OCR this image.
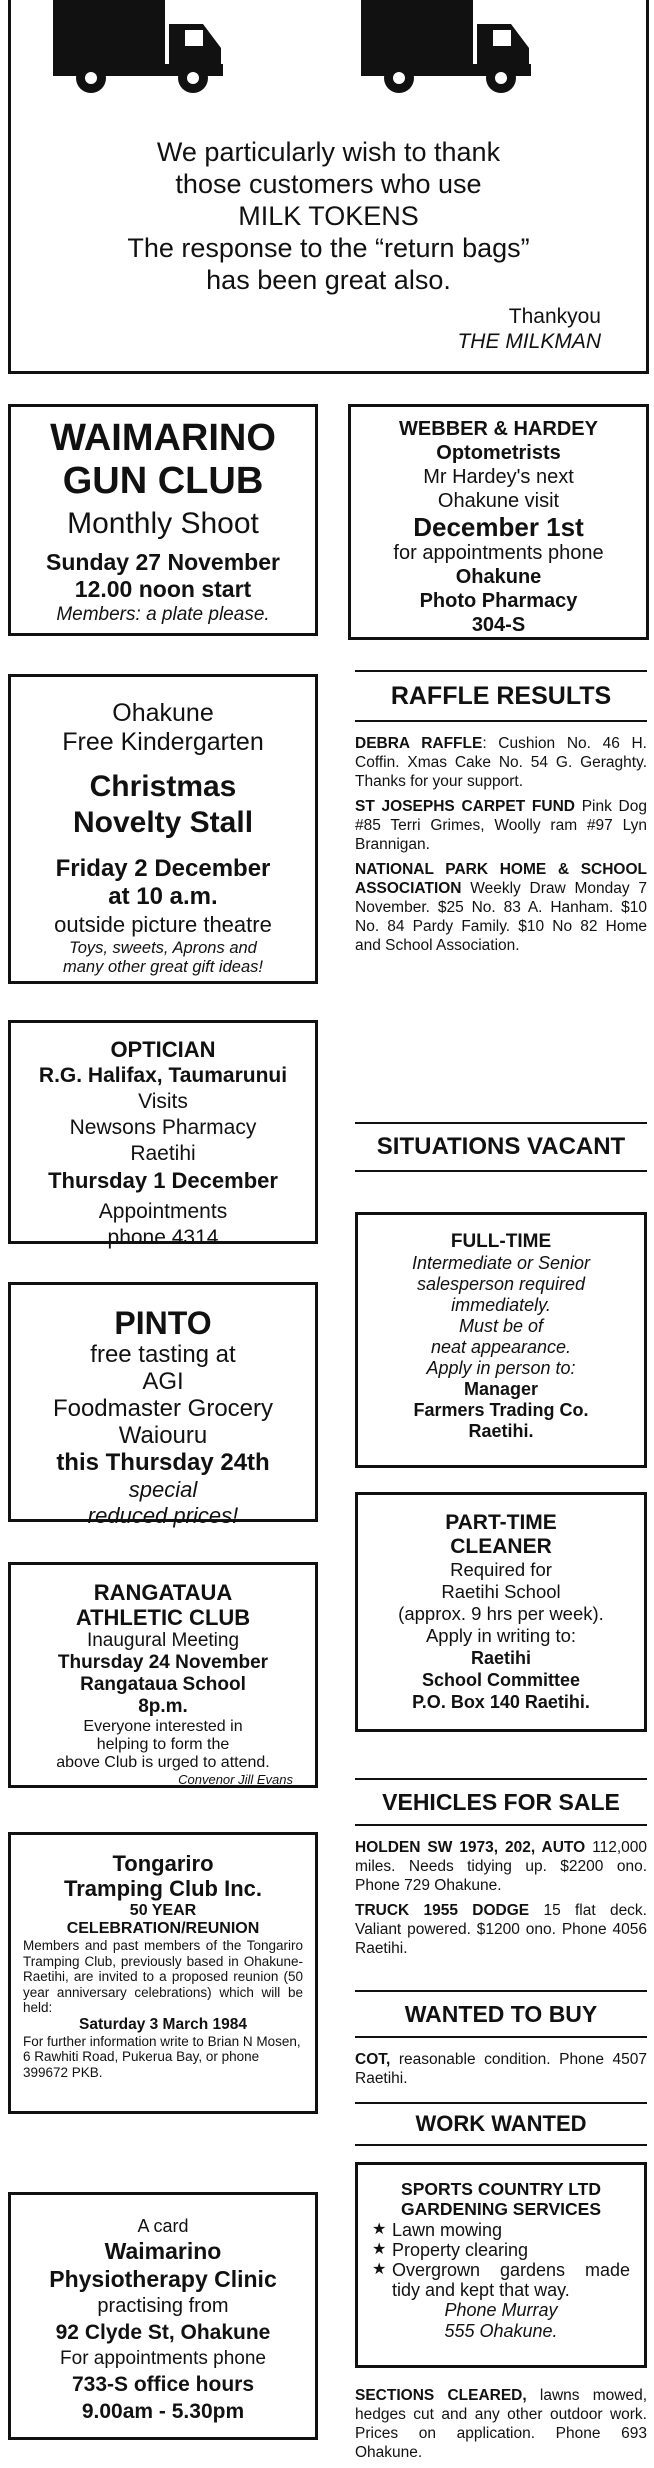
We particularly wish to thank
those customers who use
MILK TOKENS
The response to the “return bags”
has been great also.
Thankyou
THE MILKMAN
WAIMARINO
GUN CLUB
Monthly Shoot
Sunday 27 November
12.00 noon start
Members: a plate please.
WEBBER & HARDEY
Optometrists
Mr Hardey's next
Ohakune visit
December 1st
for appointments phone
Ohakune
Photo Pharmacy
304-S
Ohakune
Free Kindergarten
Christmas
Novelty Stall
Friday 2 December
at 10 a.m.
outside picture theatre
Toys, sweets, Aprons and
many other great gift ideas!
OPTICIAN
R.G. Halifax, Taumarunui
Visits
Newsons Pharmacy
Raetihi
Thursday 1 December
Appointments
phone 4314
PINTO
free tasting at
AGI
Foodmaster Grocery
Waiouru
this Thursday 24th
special
reduced prices!
RANGATAUA
ATHLETIC CLUB
Inaugural Meeting
Thursday 24 November
Rangataua School
8p.m.
Everyone interested in
helping to form the
above Club is urged to attend.
Convenor Jill Evans
Tongariro
Tramping Club Inc.
50 YEAR
CELEBRATION/REUNION
Members and past members of the Tongariro Tramping Club, previously based in Ohakune-Raetihi, are invited to a proposed reunion (50 year anniversary celebrations) which will be held:
Saturday 3 March 1984
For further information write to Brian N Mosen, 6 Rawhiti Road, Pukerua Bay, or phone 399672 PKB.
A card
Waimarino
Physiotherapy Clinic
practising from
92 Clyde St, Ohakune
For appointments phone
733-S office hours
9.00am - 5.30pm
RAFFLE RESULTS

DEBRA RAFFLE: Cushion No. 46 H. Coffin. Xmas Cake No. 54 G. Geraghty. Thanks for your support.

ST JOSEPHS CARPET FUND Pink Dog #85 Terri Grimes, Woolly ram #97 Lyn Brannigan.

NATIONAL PARK HOME & SCHOOL ASSOCIATION Weekly Draw Monday 7 November. $25 No. 83 A. Hanham. $10 No. 84 Pardy Family. $10 No 82 Home and School Association.

SITUATIONS VACANT
FULL-TIME
Intermediate or Senior
salesperson required
immediately.
Must be of
neat appearance.
Apply in person to:
Manager
Farmers Trading Co.
Raetihi.
PART-TIME
CLEANER
Required for
Raetihi School
(approx. 9 hrs per week).
Apply in writing to:
Raetihi
School Committee
P.O. Box 140 Raetihi.
VEHICLES FOR SALE

HOLDEN SW 1973, 202, AUTO 112,000 miles. Needs tidying up. $2200 ono. Phone 729 Ohakune.

TRUCK 1955 DODGE 15 flat deck. Valiant powered. $1200 ono. Phone 4056 Raetihi.

WANTED TO BUY

COT, reasonable condition. Phone 4507 Raetihi.

WORK WANTED
SPORTS COUNTRY LTD
GARDENING SERVICES
★ Lawn mowing
★ Property clearing
★ Overgrown gardens made tidy and kept that way.
Phone Murray
555 Ohakune.

SECTIONS CLEARED, lawns mowed, hedges cut and any other outdoor work. Prices on application. Phone 693 Ohakune.
